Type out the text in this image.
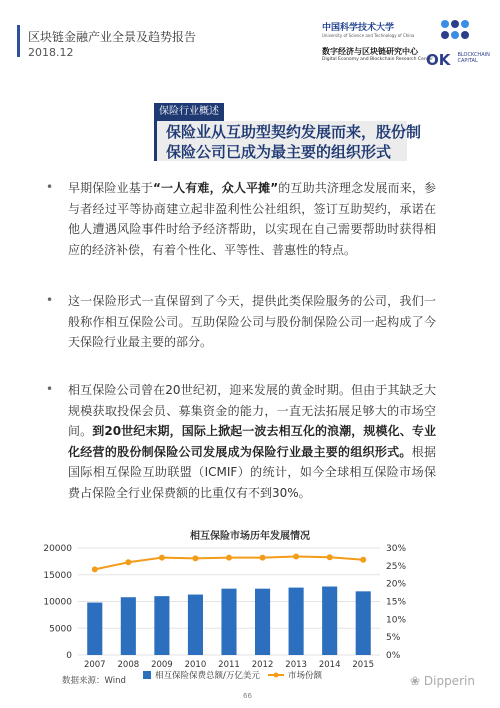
区块链金融产业全景及趋势报告
2018.12
中国科学技术大学
University of Science and Technology of China
数字经济与区块链研究中心
Digital Economy and Blockchain Research Center
OK BLOCKCHAIN
CAPITAL
保险行业概述
保险业从互助型契约发展而来，股份制
保险公司已成为最主要的组织形式
• 早期保险业基于“一人有难，众人平摊”的互助共济理念发展而来，参与者经过平等协商建立起非盈利性公社组织，签订互助契约，承诺在他人遭遇风险事件时给予经济帮助，以实现在自己需要帮助时获得相应的经济补偿，有着个性化、平等性、普惠性的特点。
• 这一保险形式一直保留到了今天，提供此类保险服务的公司，我们一般称作相互保险公司。互助保险公司与股份制保险公司一起构成了今天保险行业最主要的部分。
• 相互保险公司曾在20世纪初，迎来发展的黄金时期。但由于其缺乏大规模获取投保会员、募集资金的能力，一直无法拓展足够大的市场空间。到20世纪末期，国际上掀起一波去相互化的浪潮，规模化、专业化经营的股份制保险公司发展成为保险行业最主要的组织形式。根据国际相互保险互助联盟（ICMIF）的统计，如今全球相互保险市场保费占保险全行业保费额的比重仅有不到30%。
相互保险市场历年发展情况
0
5000
10000
15000
20000
0%
5%
10%
15%
20%
25%
30%
2007 2008 2009 2010 2011 2012 2013 2014 2015
相互保险保费总额/万亿美元	市场份额
数据来源：Wind
66
❀ Dipperin
